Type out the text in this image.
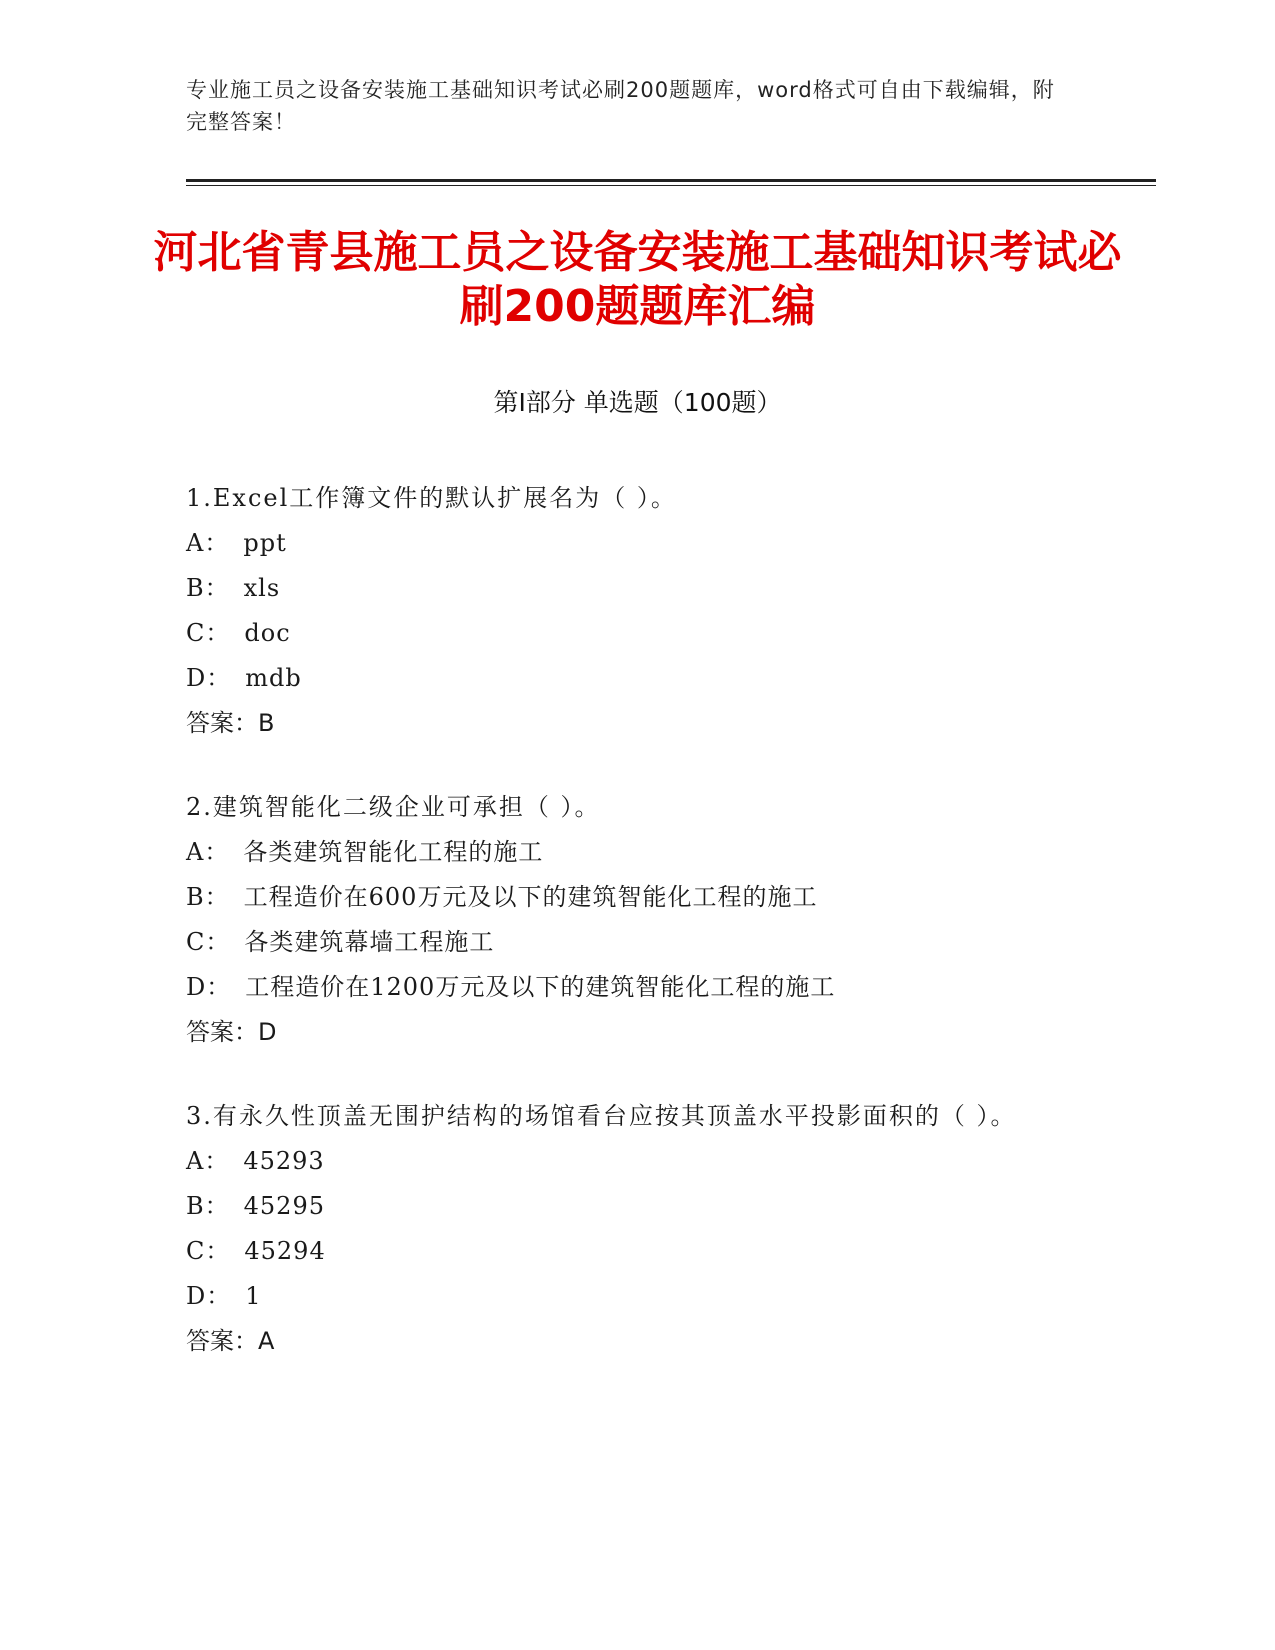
专业施工员之设备安装施工基础知识考试必刷200题题库，word格式可自由下载编辑，附完整答案！
河北省青县施工员之设备安装施工基础知识考试必刷200题题库汇编
第Ⅰ部分 单选题（100题）
1.Excel工作簿文件的默认扩展名为（ ）。
A： ppt
B： xls
C： doc
D： mdb
答案：B
2.建筑智能化二级企业可承担（ ）。
A： 各类建筑智能化工程的施工
B： 工程造价在600万元及以下的建筑智能化工程的施工
C： 各类建筑幕墙工程施工
D： 工程造价在1200万元及以下的建筑智能化工程的施工
答案：D
3.有永久性顶盖无围护结构的场馆看台应按其顶盖水平投影面积的（ ）。
A： 45293
B： 45295
C： 45294
D： 1
答案：A
